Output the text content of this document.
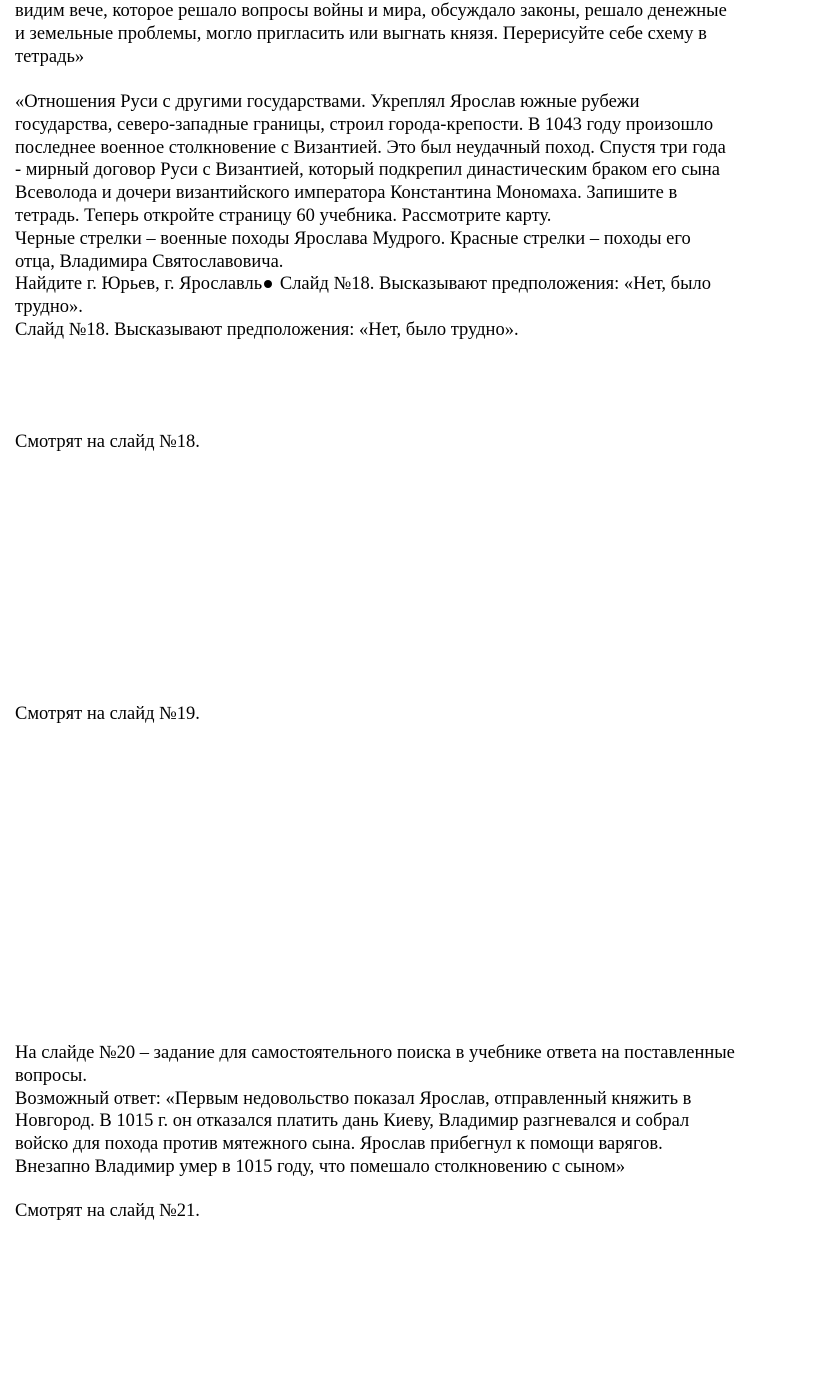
видим вече, которое решало вопросы войны и мира, обсуждало законы, решало денежные
и земельные проблемы, могло пригласить или выгнать князя. Перерисуйте себе схему в
тетрадь»

«Отношения Руси с другими государствами. Укреплял Ярослав южные рубежи
государства, северо-западные границы, строил города-крепости. В 1043 году произошло
последнее военное столкновение с Византией. Это был неудачный поход. Спустя три года
- мирный договор Руси с Византией, который подкрепил династическим браком его сына
Всеволода и дочери византийского императора Константина Мономаха. Запишите в
тетрадь. Теперь откройте страницу 60 учебника. Рассмотрите карту.
Черные стрелки – военные походы Ярослава Мудрого. Красные стрелки – походы его
отца, Владимира Святославовича.
Найдите г. Юрьев, г. Ярославль Слайд №18. Высказывают предположения: «Нет, было
трудно».
Слайд №18. Высказывают предположения: «Нет, было трудно».

Смотрят на слайд №18.

Смотрят на слайд №19.

На слайде №20 – задание для самостоятельного поиска в учебнике ответа на поставленные
вопросы.
Возможный ответ: «Первым недовольство показал Ярослав, отправленный княжить в
Новгород. В 1015 г. он отказался платить дань Киеву, Владимир разгневался и собрал
войско для похода против мятежного сына. Ярослав прибегнул к помощи варягов.
Внезапно Владимир умер в 1015 году, что помешало столкновению с сыном»

Смотрят на слайд №21.
